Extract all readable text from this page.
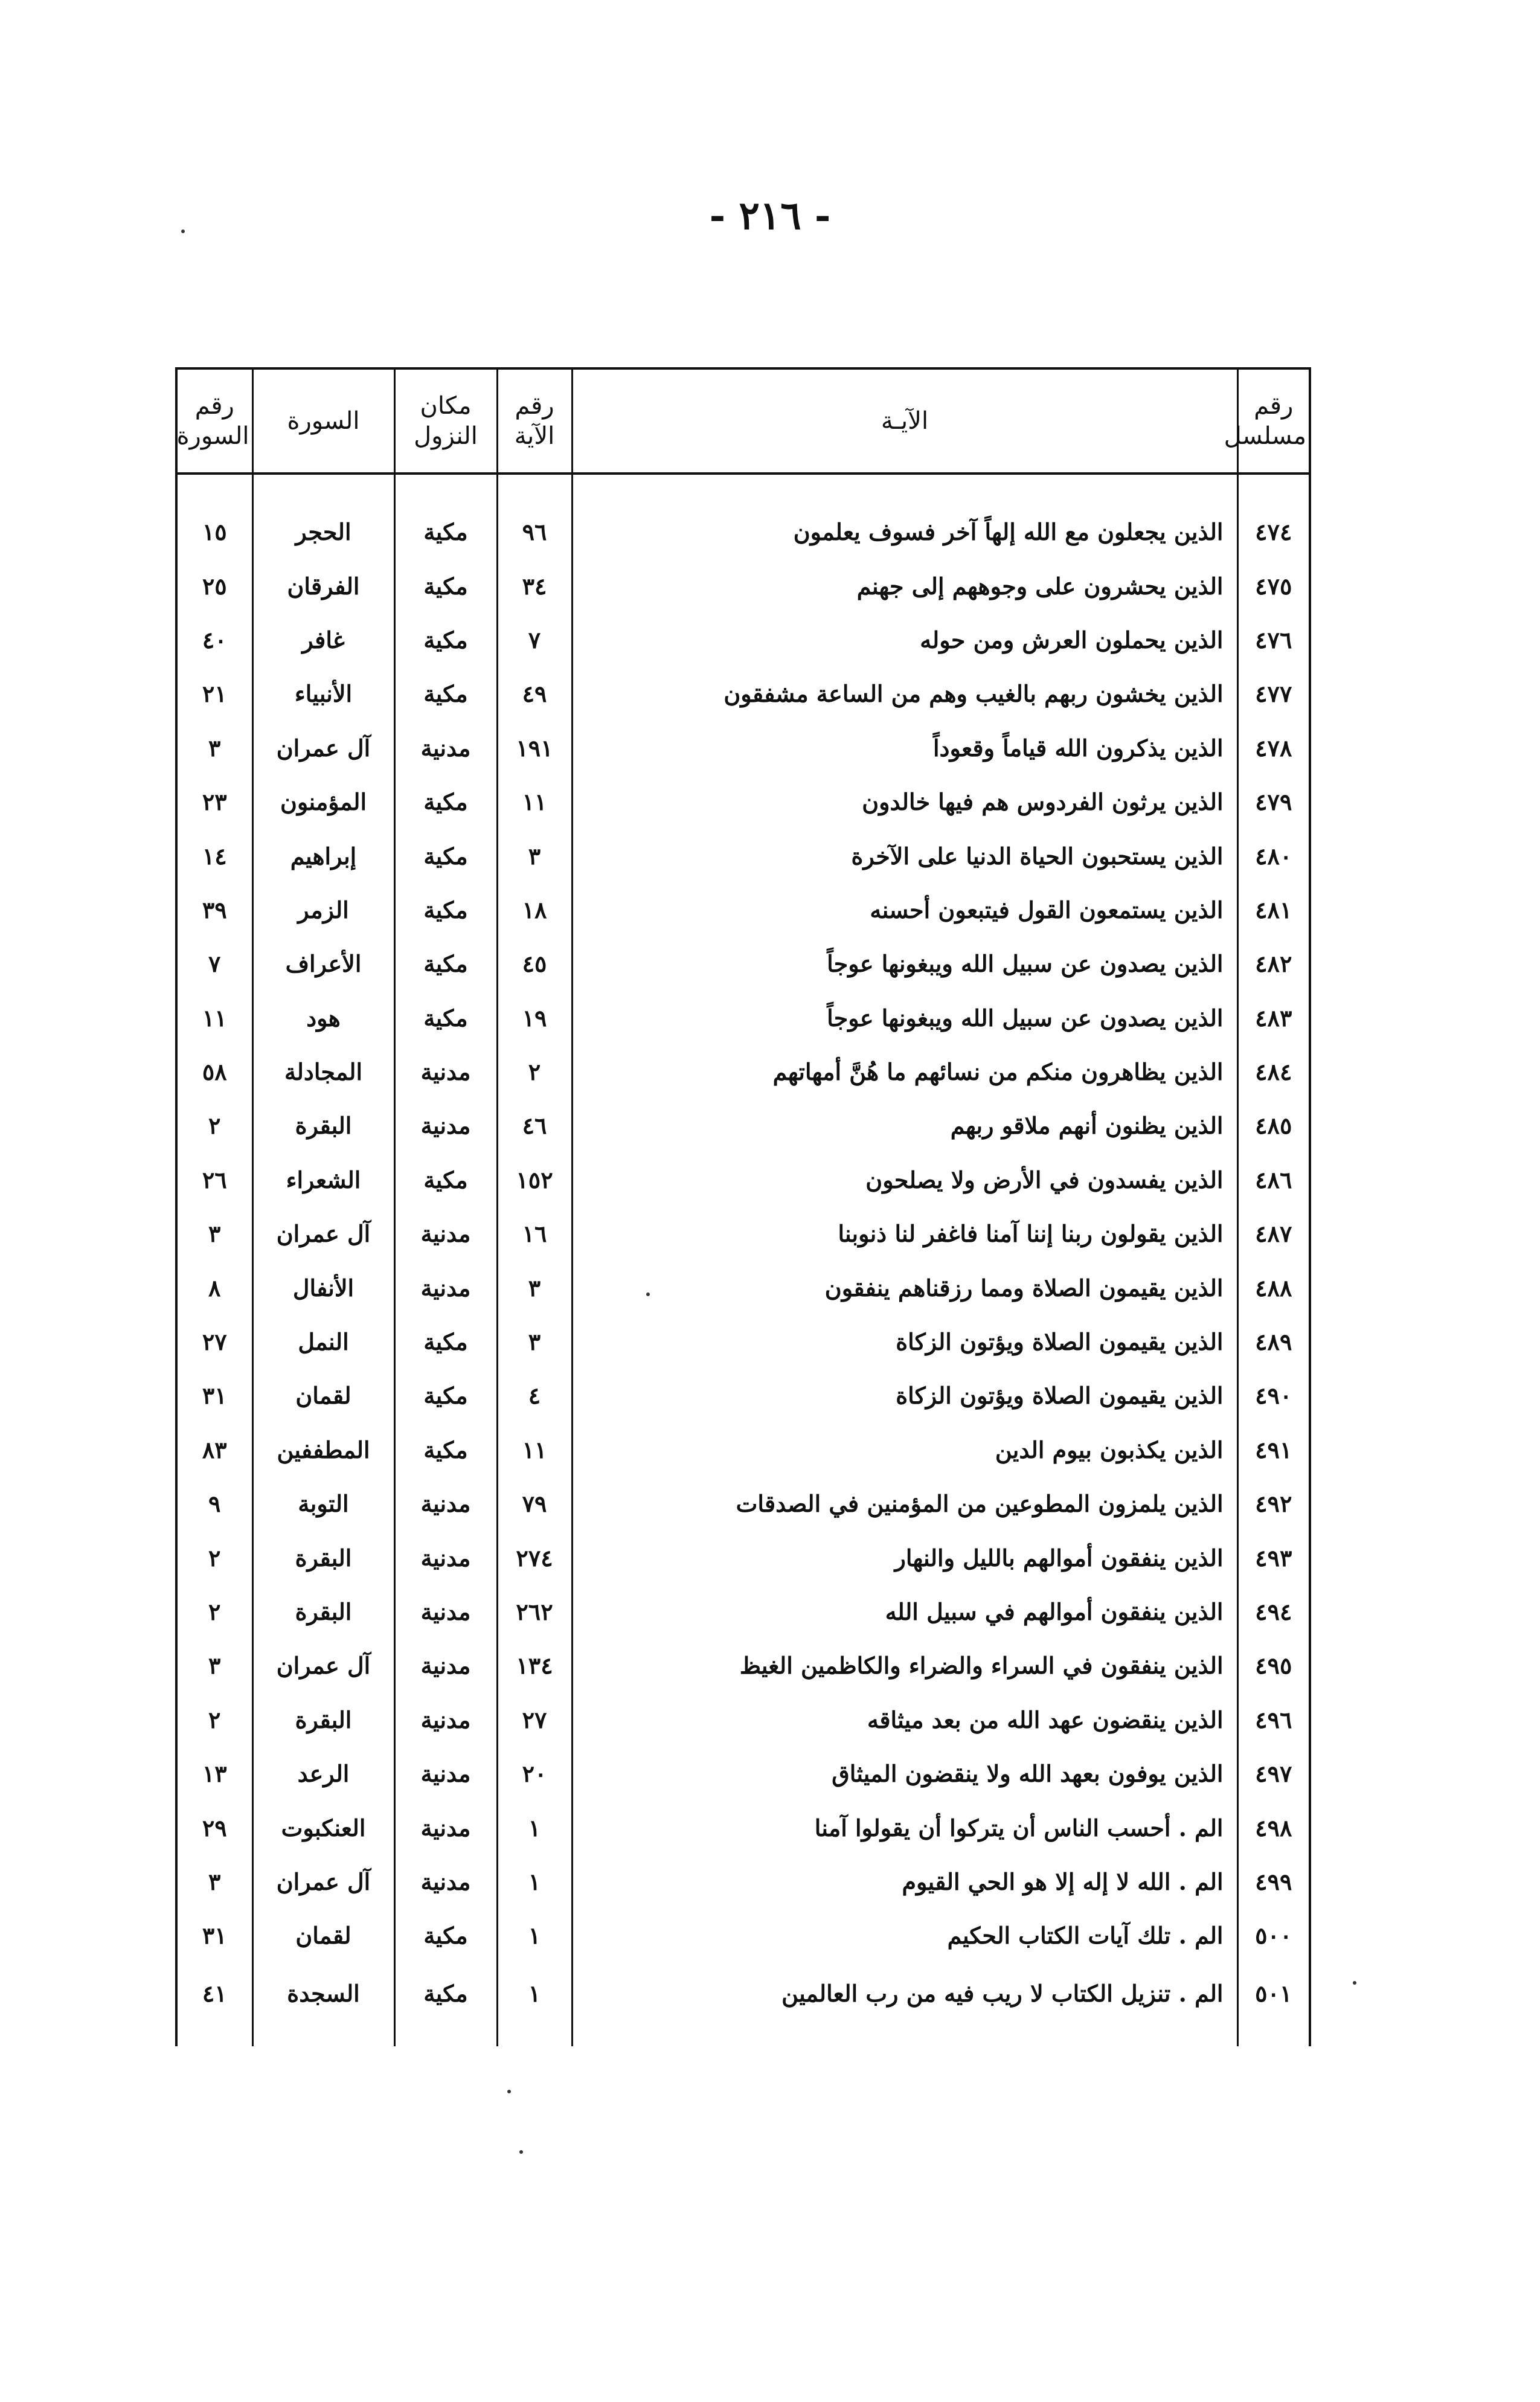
- ٢١٦ -
رقم مسلسل	الآيـة	رقم الآية	مكان النزول	السورة	رقم السورة

٤٧٤	الذين يجعلون مع الله إلهاً آخر فسوف يعلمون	٩٦	مكية	الحجر	١٥
٤٧٥	الذين يحشرون على وجوههم إلى جهنم	٣٤	مكية	الفرقان	٢٥
٤٧٦	الذين يحملون العرش ومن حوله	٧	مكية	غافر	٤٠
٤٧٧	الذين يخشون ربهم بالغيب وهم من الساعة مشفقون	٤٩	مكية	الأنبياء	٢١
٤٧٨	الذين يذكرون الله قياماً وقعوداً	١٩١	مدنية	آل عمران	٣
٤٧٩	الذين يرثون الفردوس هم فيها خالدون	١١	مكية	المؤمنون	٢٣
٤٨٠	الذين يستحبون الحياة الدنيا على الآخرة	٣	مكية	إبراهيم	١٤
٤٨١	الذين يستمعون القول فيتبعون أحسنه	١٨	مكية	الزمر	٣٩
٤٨٢	الذين يصدون عن سبيل الله ويبغونها عوجاً	٤٥	مكية	الأعراف	٧
٤٨٣	الذين يصدون عن سبيل الله ويبغونها عوجاً	١٩	مكية	هود	١١
٤٨٤	الذين يظاهرون منكم من نسائهم ما هُنَّ أمهاتهم	٢	مدنية	المجادلة	٥٨
٤٨٥	الذين يظنون أنهم ملاقو ربهم	٤٦	مدنية	البقرة	٢
٤٨٦	الذين يفسدون في الأرض ولا يصلحون	١٥٢	مكية	الشعراء	٢٦
٤٨٧	الذين يقولون ربنا إننا آمنا فاغفر لنا ذنوبنا	١٦	مدنية	آل عمران	٣
٤٨٨	الذين يقيمون الصلاة ومما رزقناهم ينفقون	٣	مدنية	الأنفال	٨
٤٨٩	الذين يقيمون الصلاة ويؤتون الزكاة	٣	مكية	النمل	٢٧
٤٩٠	الذين يقيمون الصلاة ويؤتون الزكاة	٤	مكية	لقمان	٣١
٤٩١	الذين يكذبون بيوم الدين	١١	مكية	المطففين	٨٣
٤٩٢	الذين يلمزون المطوعين من المؤمنين في الصدقات	٧٩	مدنية	التوبة	٩
٤٩٣	الذين ينفقون أموالهم بالليل والنهار	٢٧٤	مدنية	البقرة	٢
٤٩٤	الذين ينفقون أموالهم في سبيل الله	٢٦٢	مدنية	البقرة	٢
٤٩٥	الذين ينفقون في السراء والضراء والكاظمين الغيظ	١٣٤	مدنية	آل عمران	٣
٤٩٦	الذين ينقضون عهد الله من بعد ميثاقه	٢٧	مدنية	البقرة	٢
٤٩٧	الذين يوفون بعهد الله ولا ينقضون الميثاق	٢٠	مدنية	الرعد	١٣
٤٩٨	الم . أحسب الناس أن يتركوا أن يقولوا آمنا	١	مدنية	العنكبوت	٢٩
٤٩٩	الم . الله لا إله إلا هو الحي القيوم	١	مدنية	آل عمران	٣
٥٠٠	الم . تلك آيات الكتاب الحكيم	١	مكية	لقمان	٣١
٥٠١	الم . تنزيل الكتاب لا ريب فيه من رب العالمين	١	مكية	السجدة	٤١
